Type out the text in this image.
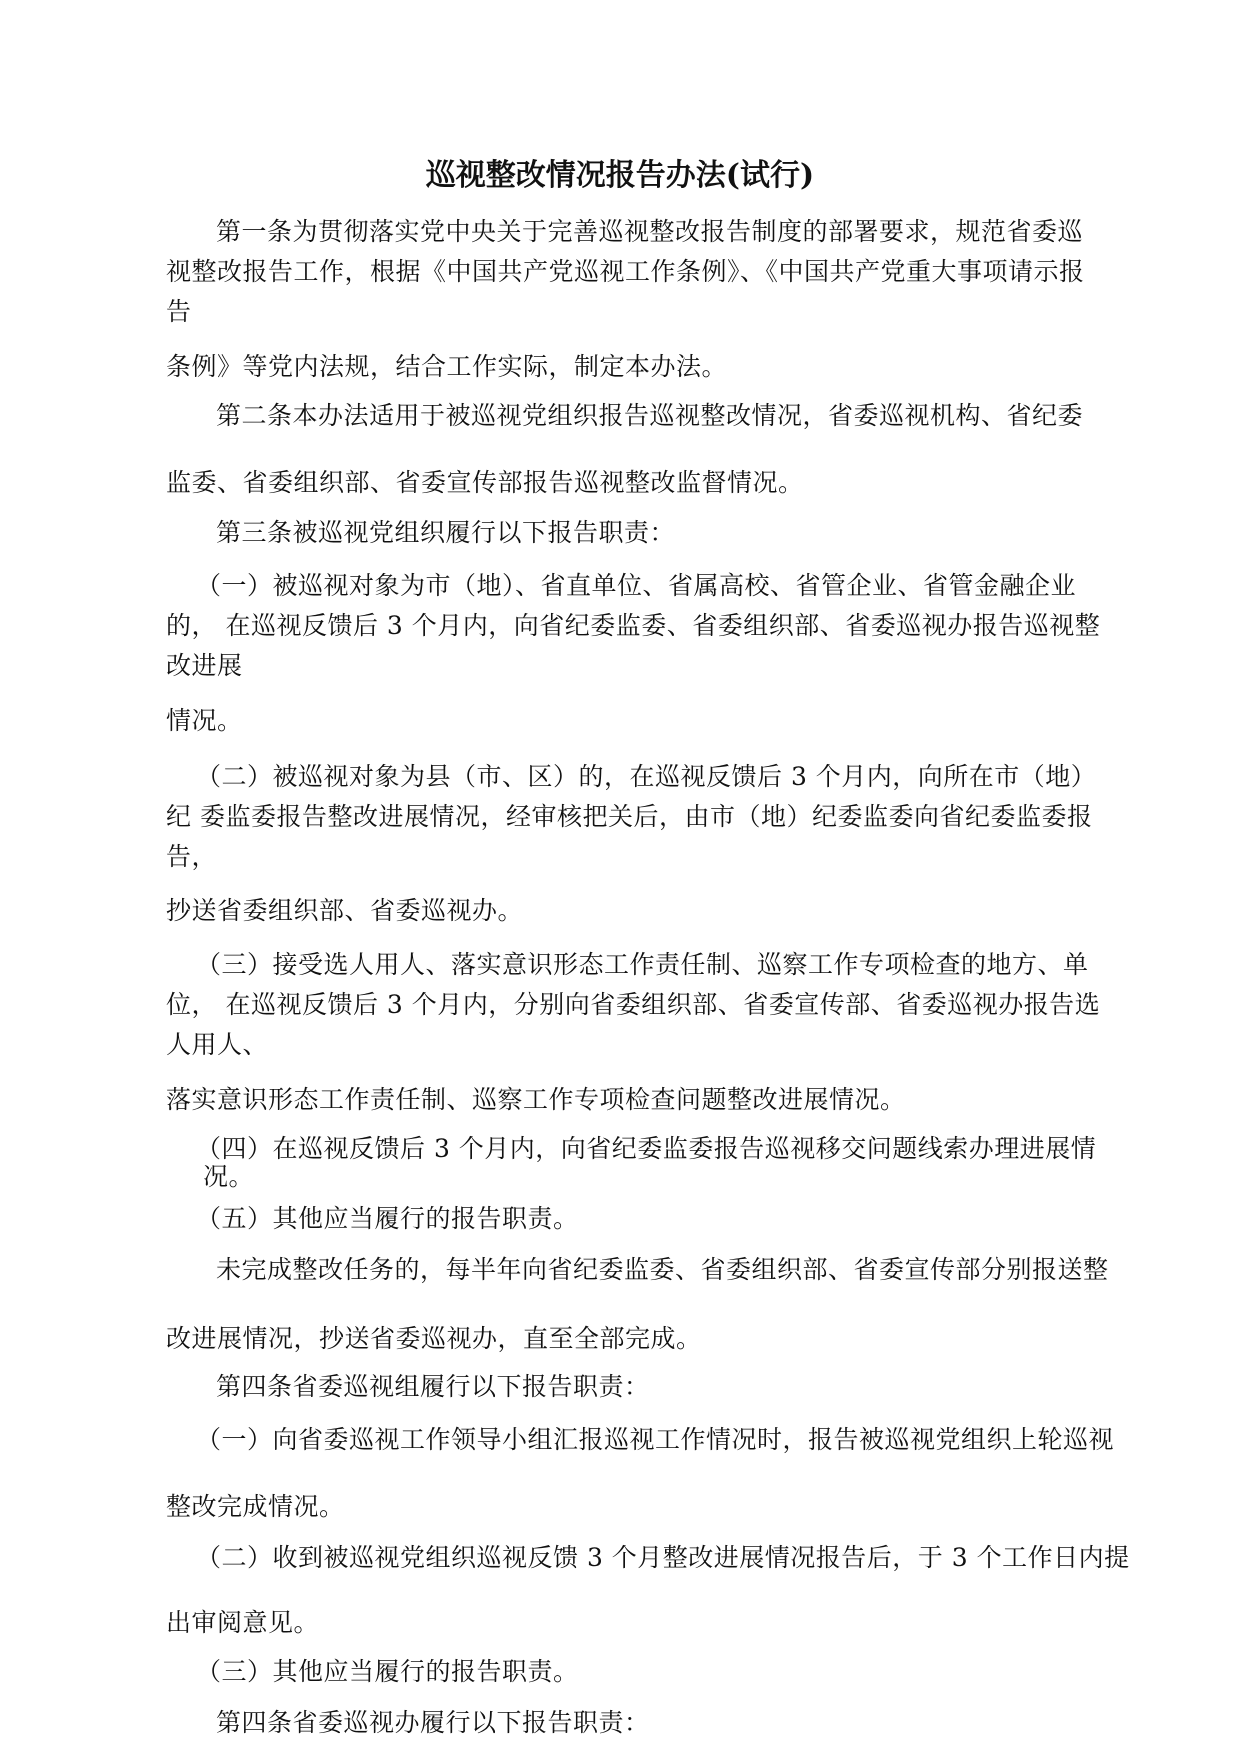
巡视整改情况报告办法(试行)
第一条为贯彻落实党中央关于完善巡视整改报告制度的部署要求，规范省委巡
视整改报告工作，根据《中国共产党巡视工作条例》、《中国共产党重大事项请示报
告
条例》等党内法规，结合工作实际，制定本办法。
第二条本办法适用于被巡视党组织报告巡视整改情况，省委巡视机构、省纪委
监委、省委组织部、省委宣传部报告巡视整改监督情况。
第三条被巡视党组织履行以下报告职责：
（一）被巡视对象为市（地）、省直单位、省属高校、省管企业、省管金融企业
的， 在巡视反馈后 3 个月内，向省纪委监委、省委组织部、省委巡视办报告巡视整
改进展
情况。
（二）被巡视对象为县（市、区）的，在巡视反馈后 3 个月内，向所在市（地）
纪 委监委报告整改进展情况，经审核把关后，由市（地）纪委监委向省纪委监委报
告，
抄送省委组织部、省委巡视办。
（三）接受选人用人、落实意识形态工作责任制、巡察工作专项检查的地方、单
位， 在巡视反馈后 3 个月内，分别向省委组织部、省委宣传部、省委巡视办报告选
人用人、
落实意识形态工作责任制、巡察工作专项检查问题整改进展情况。
（四）在巡视反馈后 3 个月内，向省纪委监委报告巡视移交问题线索办理进展情
况。
（五）其他应当履行的报告职责。
未完成整改任务的，每半年向省纪委监委、省委组织部、省委宣传部分别报送整
改进展情况，抄送省委巡视办，直至全部完成。
第四条省委巡视组履行以下报告职责：
（一）向省委巡视工作领导小组汇报巡视工作情况时，报告被巡视党组织上轮巡视
整改完成情况。
（二）收到被巡视党组织巡视反馈 3 个月整改进展情况报告后，于 3 个工作日内提
出审阅意见。
（三）其他应当履行的报告职责。
第四条省委巡视办履行以下报告职责：
